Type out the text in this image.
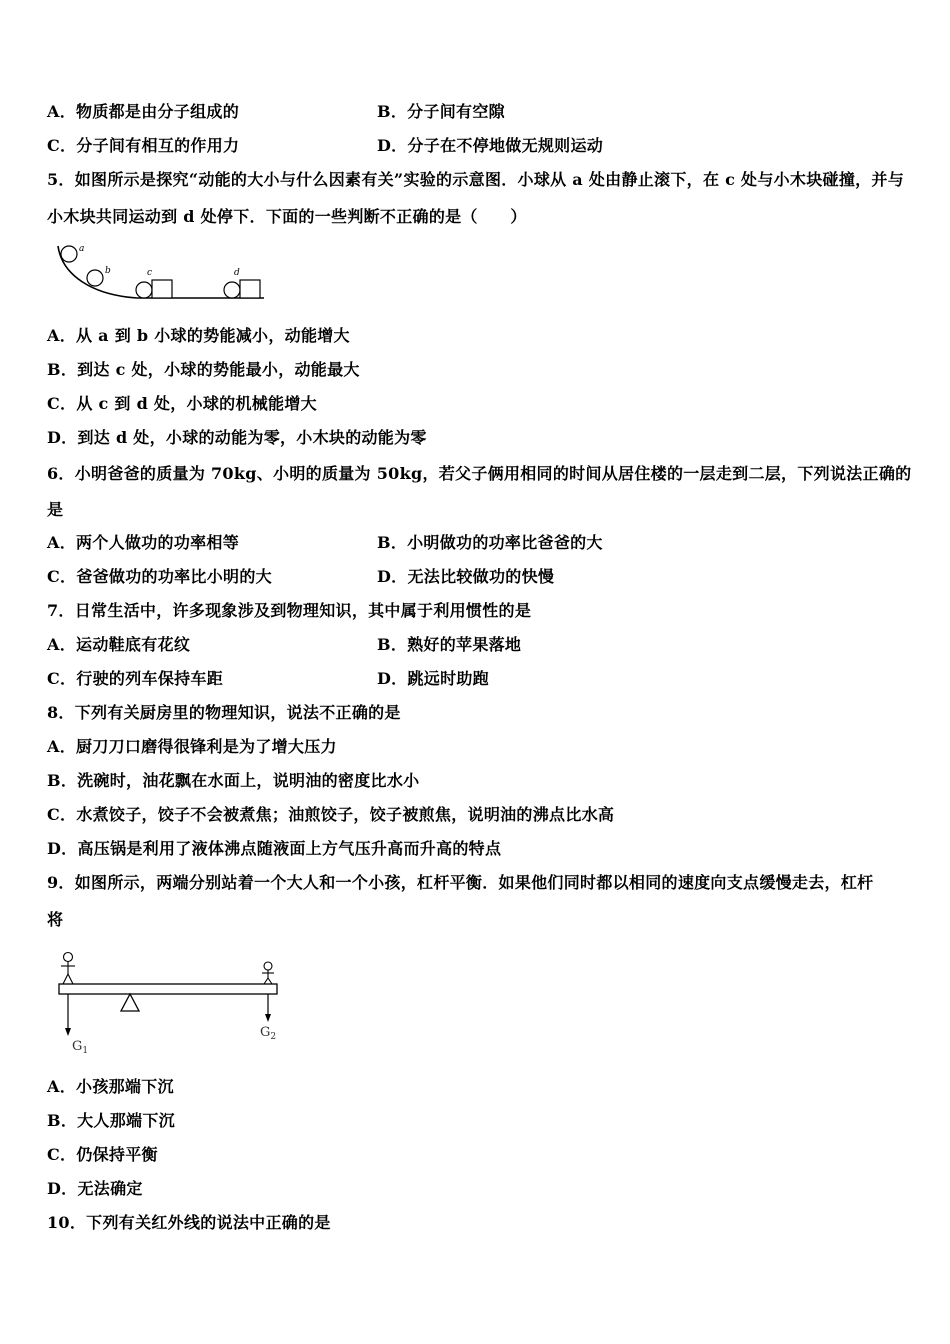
A．物质都是由分子组成的	B．分子间有空隙
C．分子间有相互的作用力	D．分子在不停地做无规则运动
5．如图所示是探究“动能的大小与什么因素有关”实验的示意图．小球从 a 处由静止滚下，在 c 处与小木块碰撞，并与
小木块共同运动到 d 处停下．下面的一些判断不正确的是（　　）
a
b	c	d
A．从 a 到 b 小球的势能减小，动能增大
B．到达 c 处，小球的势能最小，动能最大
C．从 c 到 d 处，小球的机械能增大
D．到达 d 处，小球的动能为零，小木块的动能为零
6．小明爸爸的质量为 70kg、小明的质量为 50kg，若父子俩用相同的时间从居住楼的一层走到二层，下列说法正确的
是
A．两个人做功的功率相等	B．小明做功的功率比爸爸的大
C．爸爸做功的功率比小明的大	D．无法比较做功的快慢
7．日常生活中，许多现象涉及到物理知识，其中属于利用惯性的是
A．运动鞋底有花纹	B．熟好的苹果落地
C．行驶的列车保持车距	D．跳远时助跑
8．下列有关厨房里的物理知识，说法不正确的是
A．厨刀刀口磨得很锋利是为了增大压力
B．洗碗时，油花飘在水面上，说明油的密度比水小
C．水煮饺子，饺子不会被煮焦；油煎饺子，饺子被煎焦，说明油的沸点比水高
D．高压锅是利用了液体沸点随液面上方气压升高而升高的特点
9．如图所示，两端分别站着一个大人和一个小孩，杠杆平衡．如果他们同时都以相同的速度向支点缓慢走去，杠杆
将
$G_1$
$G_2$
A．小孩那端下沉
B．大人那端下沉
C．仍保持平衡
D．无法确定
10．下列有关红外线的说法中正确的是
